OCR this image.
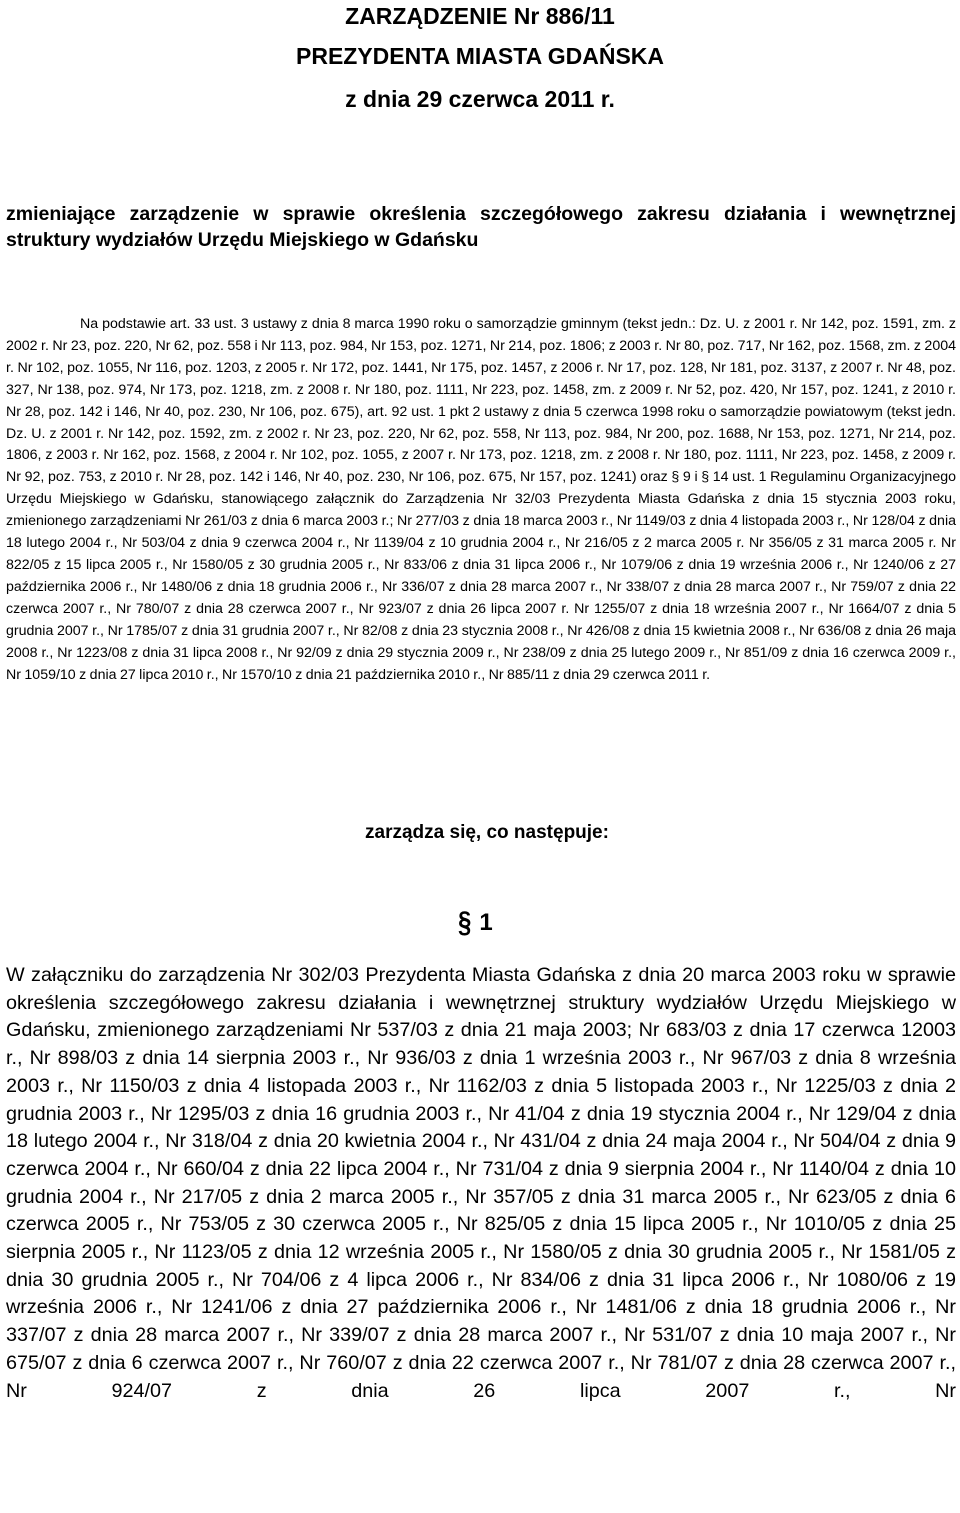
ZARZĄDZENIE Nr 886/11

PREZYDENTA MIASTA GDAŃSKA

z dnia 29 czerwca 2011 r.

zmieniające zarządzenie w sprawie określenia szczegółowego zakresu działania i wewnętrznej struktury wydziałów Urzędu Miejskiego w Gdańsku

Na podstawie art. 33 ust. 3 ustawy z dnia 8 marca 1990 roku o samorządzie gminnym (tekst jedn.: Dz. U. z 2001 r. Nr 142, poz. 1591, zm. z 2002 r. Nr 23, poz. 220, Nr 62, poz. 558 i Nr 113, poz. 984, Nr 153, poz. 1271, Nr 214, poz. 1806; z 2003 r. Nr 80, poz. 717, Nr 162, poz. 1568, zm. z 2004 r. Nr 102, poz. 1055, Nr 116, poz. 1203, z 2005 r. Nr 172, poz. 1441, Nr 175, poz. 1457, z 2006 r. Nr 17, poz. 128, Nr 181, poz. 3137, z 2007 r. Nr 48, poz. 327, Nr 138, poz. 974, Nr 173, poz. 1218, zm. z 2008 r. Nr 180, poz. 1111, Nr 223, poz. 1458, zm. z 2009 r. Nr 52, poz. 420, Nr 157, poz. 1241, z 2010 r. Nr 28, poz. 142 i 146, Nr 40, poz. 230, Nr 106, poz. 675), art. 92 ust. 1 pkt 2 ustawy z dnia 5 czerwca 1998 roku o samorządzie powiatowym (tekst jedn. Dz. U. z 2001 r. Nr 142, poz. 1592, zm. z 2002 r. Nr 23, poz. 220, Nr 62, poz. 558, Nr 113, poz. 984, Nr 200, poz. 1688, Nr 153, poz. 1271, Nr 214, poz. 1806, z 2003 r. Nr 162, poz. 1568, z 2004 r. Nr 102, poz. 1055, z 2007 r. Nr 173, poz. 1218, zm. z 2008 r. Nr 180, poz. 1111, Nr 223, poz. 1458, z 2009 r. Nr 92, poz. 753, z 2010 r. Nr 28, poz. 142 i 146, Nr 40, poz. 230, Nr 106, poz. 675, Nr 157, poz. 1241) oraz § 9 i § 14 ust. 1 Regulaminu Organizacyjnego Urzędu Miejskiego w Gdańsku, stanowiącego załącznik do Zarządzenia Nr 32/03 Prezydenta Miasta Gdańska z dnia 15 stycznia 2003 roku, zmienionego zarządzeniami Nr 261/03 z dnia 6 marca 2003 r.; Nr 277/03 z dnia 18 marca 2003 r., Nr 1149/03 z dnia 4 listopada 2003 r., Nr 128/04 z dnia 18 lutego 2004 r., Nr 503/04 z dnia 9 czerwca 2004 r., Nr 1139/04 z 10 grudnia 2004 r., Nr 216/05 z 2 marca 2005 r. Nr 356/05 z 31 marca 2005 r. Nr 822/05 z 15 lipca 2005 r., Nr 1580/05 z 30 grudnia 2005 r., Nr 833/06 z dnia 31 lipca 2006 r., Nr 1079/06 z dnia 19 września 2006 r., Nr 1240/06 z 27 października 2006 r., Nr 1480/06 z dnia 18 grudnia 2006 r., Nr 336/07 z dnia 28 marca 2007 r., Nr 338/07 z dnia 28 marca 2007 r., Nr 759/07 z dnia 22 czerwca 2007 r., Nr 780/07 z dnia 28 czerwca 2007 r., Nr 923/07 z dnia 26 lipca 2007 r. Nr 1255/07 z dnia 18 września 2007 r., Nr 1664/07 z dnia 5 grudnia 2007 r., Nr 1785/07 z dnia 31 grudnia 2007 r., Nr 82/08 z dnia 23 stycznia 2008 r., Nr 426/08 z dnia 15 kwietnia 2008 r., Nr 636/08 z dnia 26 maja 2008 r., Nr 1223/08 z dnia 31 lipca 2008 r., Nr 92/09 z dnia 29 stycznia 2009 r., Nr 238/09 z dnia 25 lutego 2009 r., Nr 851/09 z dnia 16 czerwca 2009 r., Nr 1059/10 z dnia 27 lipca 2010 r., Nr 1570/10 z dnia 21 października 2010 r., Nr 885/11 z dnia 29 czerwca 2011 r.

zarządza się, co następuje:

§ 1

W załączniku do zarządzenia Nr 302/03 Prezydenta Miasta Gdańska z dnia 20 marca 2003 roku w sprawie określenia szczegółowego zakresu działania i wewnętrznej struktury wydziałów Urzędu Miejskiego w Gdańsku, zmienionego zarządzeniami Nr 537/03 z dnia 21 maja 2003; Nr 683/03 z dnia 17 czerwca 12003 r., Nr 898/03 z dnia 14 sierpnia 2003 r., Nr 936/03 z dnia 1 września 2003 r., Nr 967/03 z dnia 8 września 2003 r., Nr 1150/03 z dnia 4 listopada 2003 r., Nr 1162/03 z dnia 5 listopada 2003 r., Nr 1225/03 z dnia 2 grudnia 2003 r., Nr 1295/03 z dnia 16 grudnia 2003 r., Nr 41/04 z dnia 19 stycznia 2004 r., Nr 129/04 z dnia 18 lutego 2004 r., Nr 318/04 z dnia 20 kwietnia 2004 r., Nr 431/04 z dnia 24 maja 2004 r., Nr 504/04 z dnia 9 czerwca 2004 r., Nr 660/04 z dnia 22 lipca 2004 r., Nr 731/04 z dnia 9 sierpnia 2004 r., Nr 1140/04 z dnia 10 grudnia 2004 r., Nr 217/05 z dnia 2 marca 2005 r., Nr 357/05 z dnia 31 marca 2005 r., Nr 623/05 z dnia 6 czerwca 2005 r., Nr 753/05 z 30 czerwca 2005 r., Nr 825/05 z dnia 15 lipca 2005 r., Nr 1010/05 z dnia 25 sierpnia 2005 r., Nr 1123/05 z dnia 12 września 2005 r., Nr 1580/05 z dnia 30 grudnia 2005 r., Nr 1581/05 z dnia 30 grudnia 2005 r., Nr 704/06 z 4 lipca 2006 r., Nr 834/06 z dnia 31 lipca 2006 r., Nr 1080/06 z 19 września 2006 r., Nr 1241/06 z dnia 27 października 2006 r., Nr 1481/06 z dnia 18 grudnia 2006 r., Nr 337/07 z dnia 28 marca 2007 r., Nr 339/07 z dnia 28 marca 2007 r., Nr 531/07 z dnia 10 maja 2007 r., Nr 675/07 z dnia 6 czerwca 2007 r., Nr 760/07 z dnia 22 czerwca 2007 r., Nr 781/07 z dnia 28 czerwca 2007 r., Nr 924/07 z dnia 26 lipca 2007 r., Nr
